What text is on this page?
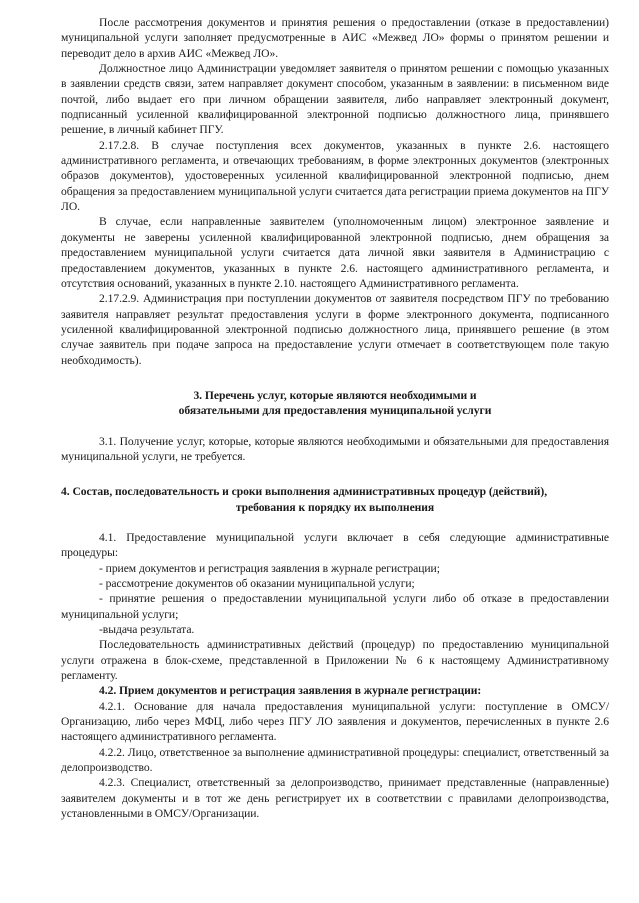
После рассмотрения документов и принятия решения о предоставлении (отказе в предоставлении) муниципальной услуги заполняет предусмотренные в АИС «Межвед ЛО» формы о принятом решении и переводит дело в архив АИС «Межвед ЛО».

Должностное лицо Администрации уведомляет заявителя о принятом решении с помощью указанных в заявлении средств связи, затем направляет документ способом, указанным в заявлении: в письменном виде почтой, либо выдает его при личном обращении заявителя, либо направляет электронный документ, подписанный усиленной квалифицированной электронной подписью должностного лица, принявшего решение, в личный кабинет ПГУ.

2.17.2.8. В случае поступления всех документов, указанных в пункте 2.6. настоящего административного регламента, и отвечающих требованиям, в форме электронных документов (электронных образов документов), удостоверенных усиленной квалифицированной электронной подписью, днем обращения за предоставлением муниципальной услуги считается дата регистрации приема документов на ПГУ ЛО.

В случае, если направленные заявителем (уполномоченным лицом) электронное заявление и документы не заверены усиленной квалифицированной электронной подписью, днем обращения за предоставлением муниципальной услуги считается дата личной явки заявителя в Администрацию с предоставлением документов, указанных в пункте 2.6. настоящего административного регламента, и отсутствия оснований, указанных в пункте 2.10. настоящего Административного регламента.

2.17.2.9. Администрация при поступлении документов от заявителя посредством ПГУ по требованию заявителя направляет результат предоставления услуги в форме электронного документа, подписанного усиленной квалифицированной электронной подписью должностного лица, принявшего решение (в этом случае заявитель при подаче запроса на предоставление услуги отмечает в соответствующем поле такую необходимость).

3. Перечень услуг, которые являются необходимыми и

обязательными для предоставления муниципальной услуги

3.1. Получение услуг, которые, которые являются необходимыми и обязательными для предоставления муниципальной услуги, не требуется.

4. Состав, последовательность и сроки выполнения административных процедур (действий),

требования к порядку их выполнения

4.1. Предоставление муниципальной услуги включает в себя следующие административные процедуры:

- прием документов и регистрация заявления в журнале регистрации;

- рассмотрение документов об оказании муниципальной услуги;

- принятие решения о предоставлении муниципальной услуги либо об отказе в предоставлении муниципальной услуги;

-выдача результата.

Последовательность административных действий (процедур) по предоставлению муниципальной услуги отражена в блок-схеме, представленной в Приложении № 6 к настоящему Административному регламенту.

4.2. Прием документов и регистрация заявления в журнале регистрации:

4.2.1. Основание для начала предоставления муниципальной услуги: поступление в ОМСУ/Организацию, либо через МФЦ, либо через ПГУ ЛО заявления и документов, перечисленных в пункте 2.6 настоящего административного регламента.

4.2.2. Лицо, ответственное за выполнение административной процедуры: специалист, ответственный за делопроизводство.

4.2.3. Специалист, ответственный за делопроизводство, принимает представленные (направленные) заявителем документы и в тот же день регистрирует их в соответствии с правилами делопроизводства, установленными в ОМСУ/Организации.
